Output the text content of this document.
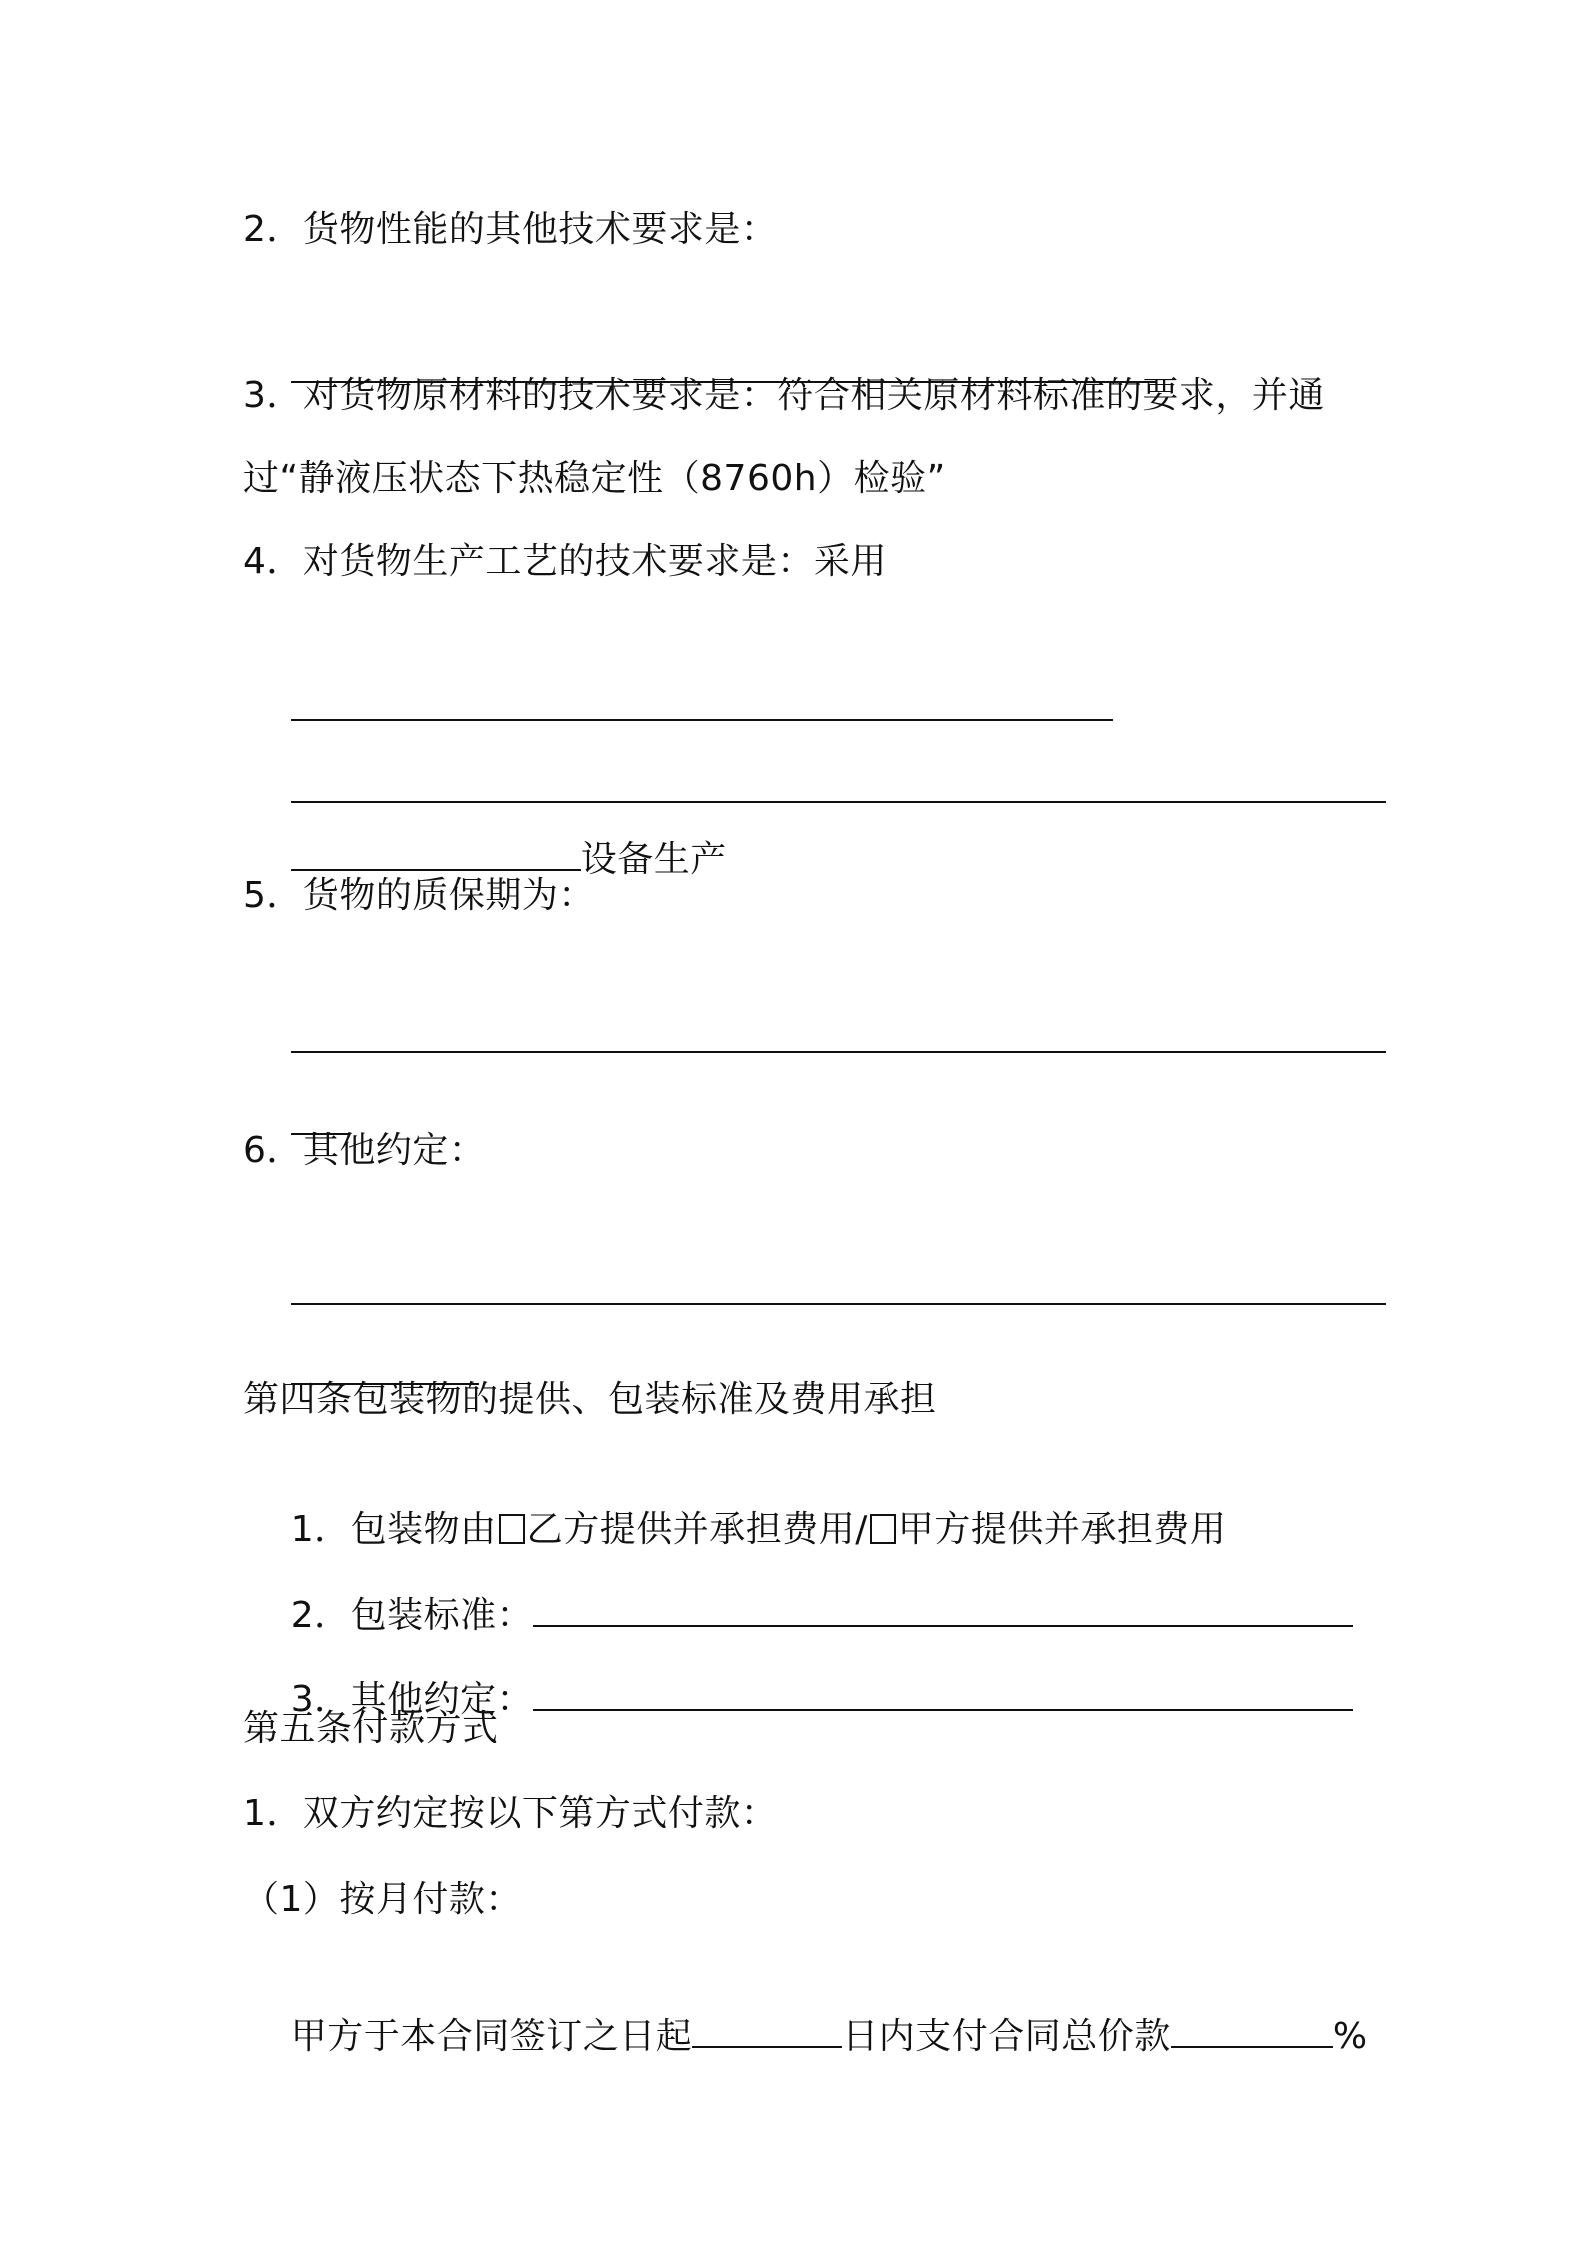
2．货物性能的其他技术要求是：

3．对货物原材料的技术要求是：符合相关原材料标准的要求，并通
过“静液压状态下热稳定性（8760h）检验”
4．对货物生产工艺的技术要求是：采用

设备生产

5．货物的质保期为：

6．其他约定：

第四条包装物的提供、包装标准及费用承担

1．包装物由 乙方提供并承担费用/ 甲方提供并承担费用

2．包装标准：

3．其他约定：

第五条付款方式
1．双方约定按以下第方式付款：
（1）按月付款：

甲方于本合同签订之日起	日内支付合同总价款	%
